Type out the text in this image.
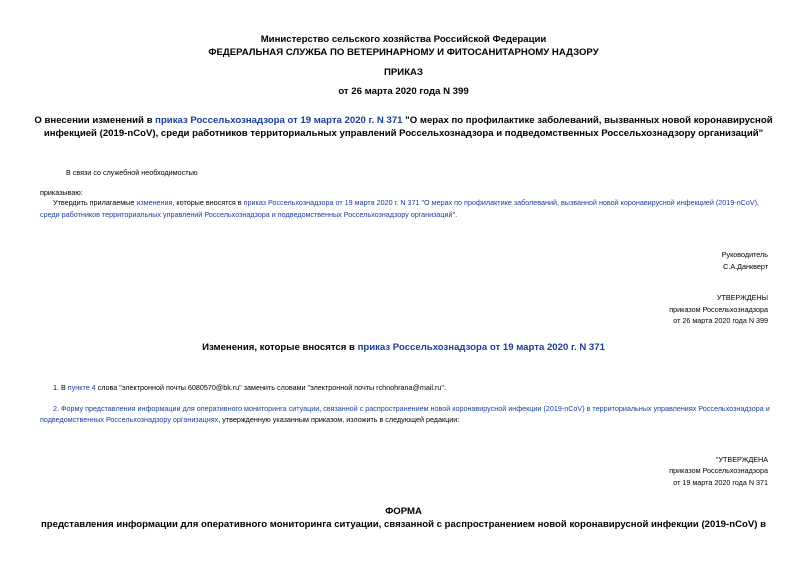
Министерство сельского хозяйства Российской Федерации
ФЕДЕРАЛЬНАЯ СЛУЖБА ПО ВЕТЕРИНАРНОМУ И ФИТОСАНИТАРНОМУ НАДЗОРУ
ПРИКАЗ
от 26 марта 2020 года N 399
О внесении изменений в приказ Россельхознадзора от 19 марта 2020 г. N 371 "О мерах по профилактике заболеваний, вызванных новой коронавирусной
инфекцией (2019-nCoV), среди работников территориальных управлений Россельхознадзора и подведомственных Россельхознадзору организаций"
В связи со служебной необходимостью
приказываю:
Утвердить прилагаемые изменения, которые вносятся в приказ Россельхознадзора от 19 марта 2020 г. N 371 "О мерах по профилактике заболеваний, вызванной новой коронавирусной инфекцией (2019-nCoV), среди работников территориальных управлений Россельхознадзора и подведомственных Россельхознадзору организаций".
Руководитель
С.А.Данкверт
УТВЕРЖДЕНЫ
приказом Россельхознадзора
от 26 марта 2020 года N 399
Изменения, которые вносятся в приказ Россельхознадзора от 19 марта 2020 г. N 371
1. В пункте 4 слова "электронной почты 6080570@bk.ru" заменить словами "электронной почты rchnohrana@mail.ru".
2. Форму представления информации для оперативного мониторинга ситуации, связанной с распространением новой коронавирусной инфекции (2019-nCoV) в территориальных управлениях Россельхознадзора и
подведомственных Россельхознадзору организациях, утвержденную указанным приказом, изложить в следующей редакции:
"УТВЕРЖДЕНА
приказом Россельхознадзора
от 19 марта 2020 года N 371
ФОРМА
представления информации для оперативного мониторинга ситуации, связанной с распространением новой коронавирусной инфекции (2019-nCoV) в
